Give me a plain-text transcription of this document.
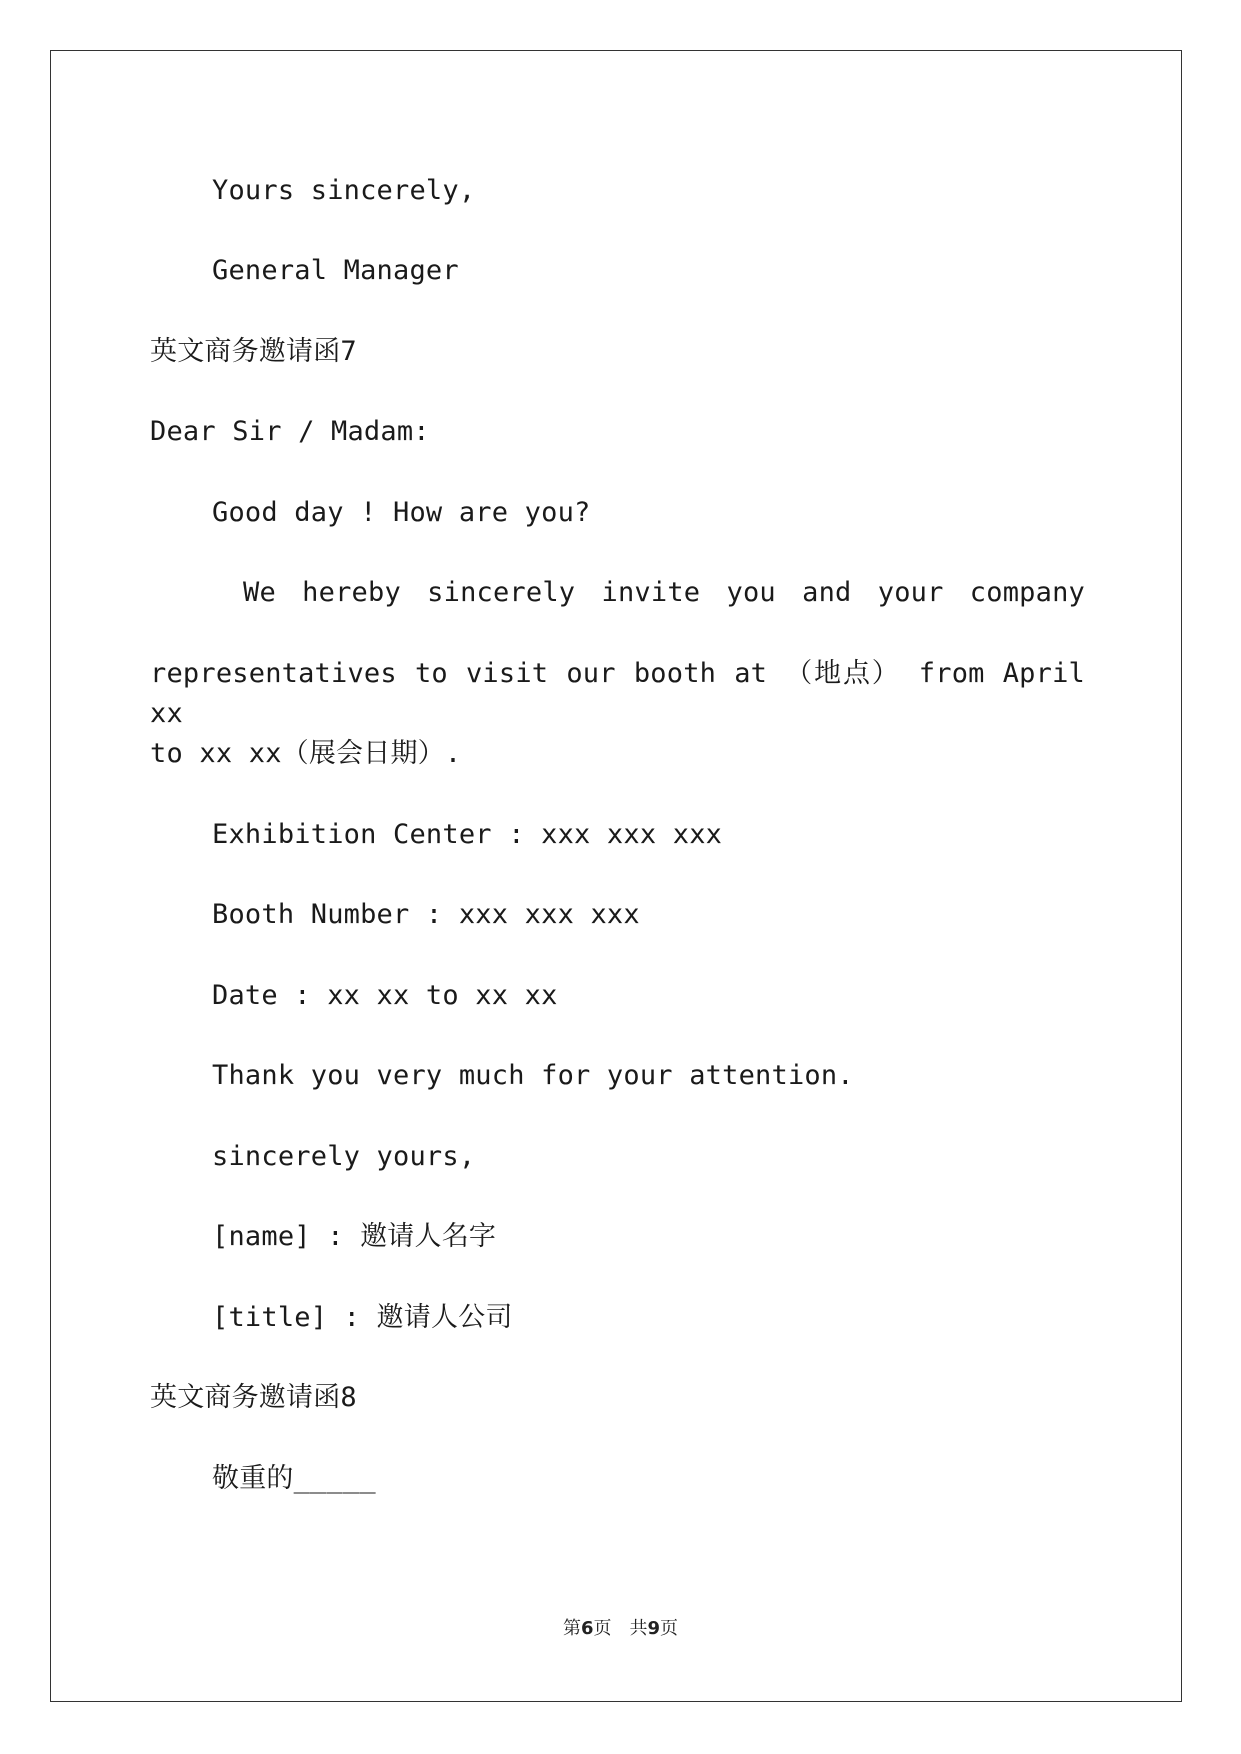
Yours sincerely,
General Manager
英文商务邀请函7
Dear Sir / Madam:
Good day ! How are you?
We hereby sincerely invite you and your company
representatives to visit our booth at （地点） from April xx
to xx xx（展会日期）.
Exhibition Center : xxx xxx xxx
Booth Number : xxx xxx xxx
Date : xx xx to xx xx
Thank you very much for your attention.
sincerely yours,
[name] : 邀请人名字
[title] : 邀请人公司
英文商务邀请函8
敬重的_____
第6页　共9页
